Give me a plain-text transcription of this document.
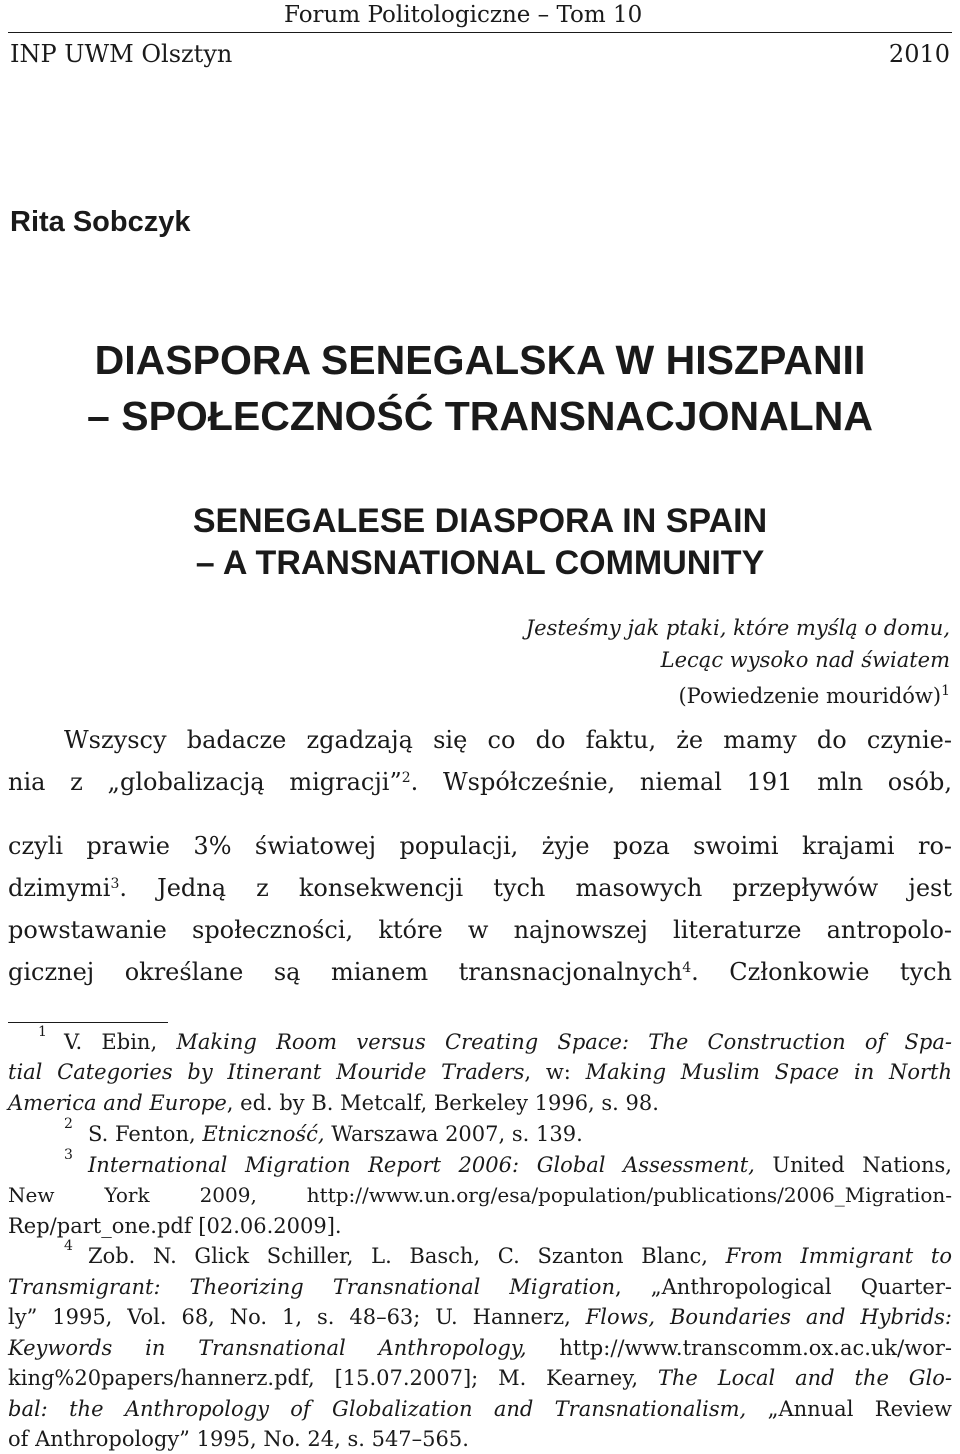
Forum Politologiczne – Tom 10
INP UWM Olsztyn	2010
Rita Sobczyk
DIASPORA SENEGALSKA W HISZPANII
– SPOŁECZNOŚĆ TRANSNACJONALNA
SENEGALESE DIASPORA IN SPAIN
– A TRANSNATIONAL COMMUNITY
Jesteśmy jak ptaki, które myślą o domu,
Lecąc wysoko nad światem
(Powiedzenie mouridów)$^1$
Wszyscy badacze zgadzają się co do faktu, że mamy do czynie-
nia z „globalizacją migracji”$^2$. Współcześnie, niemal 191 mln osób,
czyli prawie 3% światowej populacji, żyje poza swoimi krajami ro-
dzimymi$^3$. Jedną z konsekwencji tych masowych przepływów jest
powstawanie społeczności, które w najnowszej literaturze antropolo-
gicznej określane są mianem transnacjonalnych$^4$. Członkowie tych
1 V. Ebin, Making Room versus Creating Space: The Construction of Spa-
tial Categories by Itinerant Mouride Traders, w: Making Muslim Space in North
America and Europe, ed. by B. Metcalf, Berkeley 1996, s. 98.
2 S. Fenton, Etniczność, Warszawa 2007, s. 139.
3 International Migration Report 2006: Global Assessment, United Nations,
New York 2009, http://www.un.org/esa/population/publications/2006_Migration-
Rep/part_one.pdf [02.06.2009].
4 Zob. N. Glick Schiller, L. Basch, C. Szanton Blanc, From Immigrant to
Transmigrant: Theorizing Transnational Migration, „Anthropological Quarter-
ly” 1995, Vol. 68, No. 1, s. 48–63; U. Hannerz, Flows, Boundaries and Hybrids:
Keywords in Transnational Anthropology, http://www.transcomm.ox.ac.uk/wor-
king%20papers/hannerz.pdf, [15.07.2007]; M. Kearney, The Local and the Glo-
bal: the Anthropology of Globalization and Transnationalism, „Annual Review
of Anthropology” 1995, No. 24, s. 547–565.
